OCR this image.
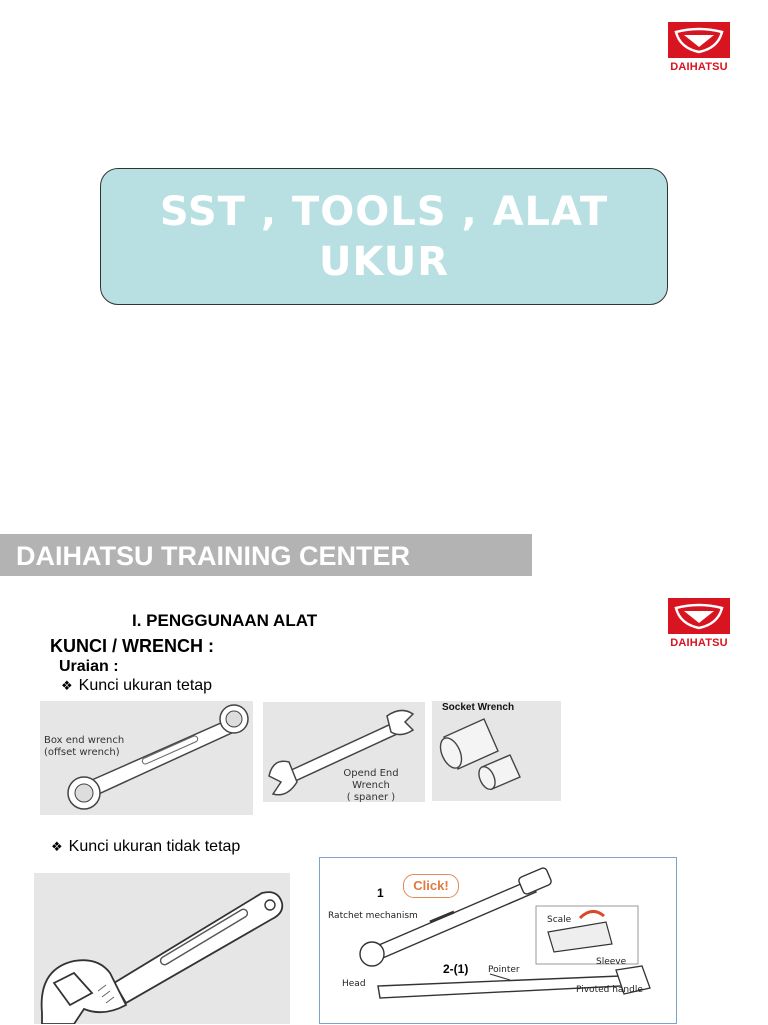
DAIHATSU
SST , TOOLS , ALAT UKUR
DAIHATSU TRAINING CENTER
DAIHATSU
I. PENGGUNAAN ALAT
KUNCI / WRENCH :
Uraian :
❖ Kunci ukuran tetap
Box end wrench
(offset wrench)
Opend End Wrench
( spaner )
Socket Wrench
❖ Kunci ukuran tidak tetap
1	Click!
Ratchet mechanism	Scale
Sleeve
2-(1) Pointer
Head
Pivoted handle
